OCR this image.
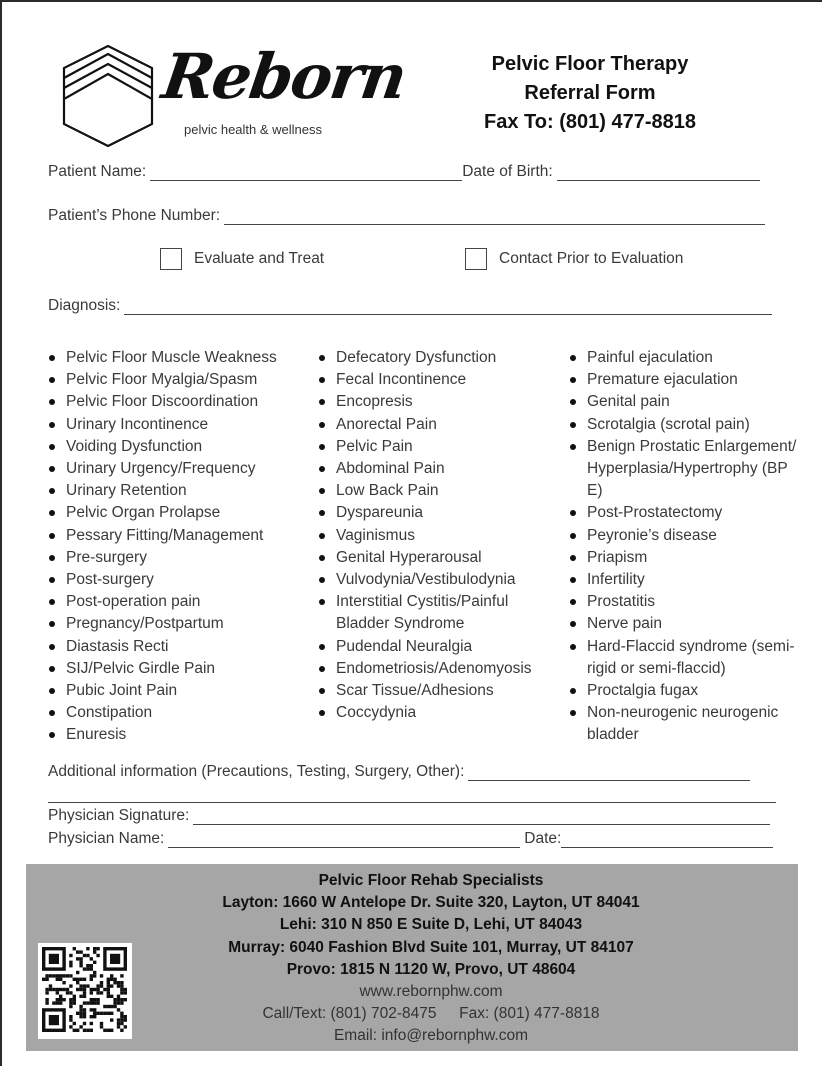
Reborn
pelvic health & wellness
Pelvic Floor Therapy
Referral Form
Fax To: (801) 477-8818
Patient Name:	Date of Birth:
Patient’s Phone Number:
Evaluate and Treat	Contact Prior to Evaluation
Diagnosis:
Pelvic Floor Muscle Weakness
Pelvic Floor Myalgia/Spasm
Pelvic Floor Discoordination
Urinary Incontinence
Voiding Dysfunction
Urinary Urgency/Frequency
Urinary Retention
Pelvic Organ Prolapse
Pessary Fitting/Management
Pre-surgery
Post-surgery
Post-operation pain
Pregnancy/Postpartum
Diastasis Recti
SIJ/Pelvic Girdle Pain
Pubic Joint Pain
Constipation
Enuresis
Defecatory Dysfunction
Fecal Incontinence
Encopresis
Anorectal Pain
Pelvic Pain
Abdominal Pain
Low Back Pain
Dyspareunia
Vaginismus
Genital Hyperarousal
Vulvodynia/Vestibulodynia
Interstitial Cystitis/Painful Bladder Syndrome
Pudendal Neuralgia
Endometriosis/Adenomyosis
Scar Tissue/Adhesions
Coccydynia
Painful ejaculation
Premature ejaculation
Genital pain
Scrotalgia (scrotal pain)
Benign Prostatic Enlargement/Hyperplasia/Hypertrophy (BPE)
Post-Prostatectomy
Peyronie’s disease
Priapism
Infertility
Prostatitis
Nerve pain
Hard-Flaccid syndrome (semi-rigid or semi-flaccid)
Proctalgia fugax
Non-neurogenic neurogenic bladder
Additional information (Precautions, Testing, Surgery, Other):
Physician Signature:
Physician Name:	Date:
Pelvic Floor Rehab Specialists
Layton: 1660 W Antelope Dr. Suite 320, Layton, UT 84041
Lehi: 310 N 850 E Suite D, Lehi, UT 84043
Murray: 6040 Fashion Blvd Suite 101, Murray, UT 84107
Provo: 1815 N 1120 W, Provo, UT 48604
www.rebornphw.com
Call/Text: (801) 702-8475 Fax: (801) 477-8818
Email: info@rebornphw.com
